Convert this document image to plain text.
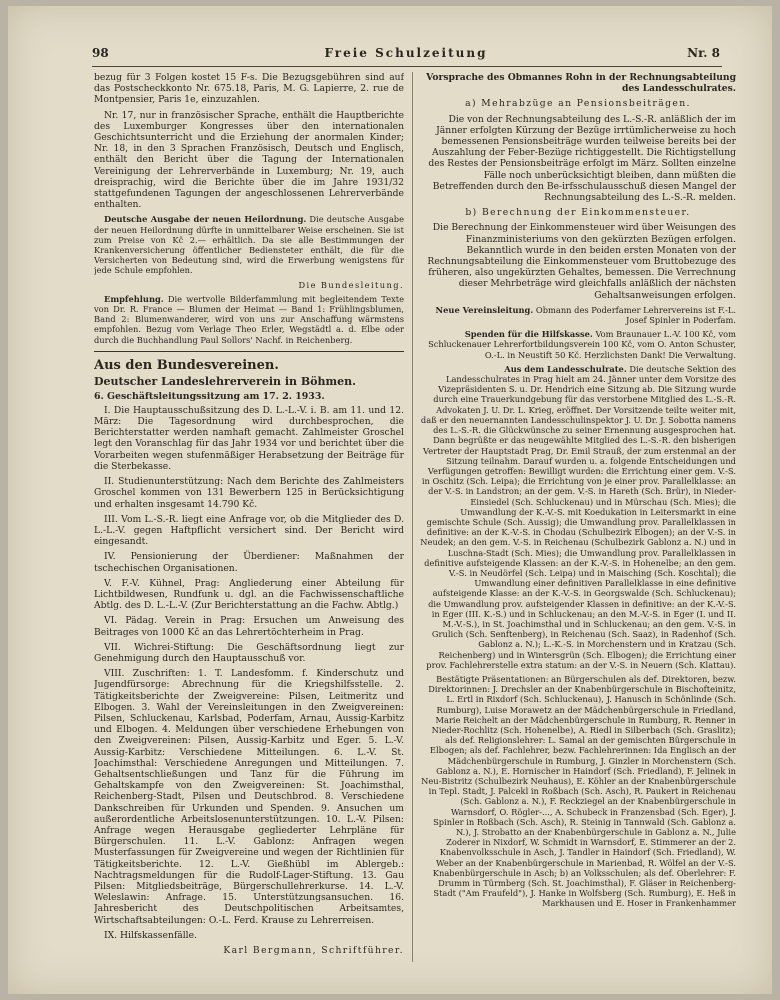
98	Freie Schulzeitung	Nr. 8

bezug für 3 Folgen kostet 15 F-s. Die Bezugsgebühren sind auf das Postscheckkonto Nr. 675.18, Paris, M. G. Lapierre, 2. rue de Montpensier, Paris 1e, einzuzahlen.

Nr. 17, nur in französischer Sprache, enthält die Hauptberichte des Luxemburger Kongresses über den internationalen Geschichtsunterricht und die Erziehung der anormalen Kinder; Nr. 18, in den 3 Sprachen Französisch, Deutsch und Englisch, enthält den Bericht über die Tagung der Internationalen Vereinigung der Lehrerverbände in Luxemburg; Nr. 19, auch dreisprachig, wird die Berichte über die im Jahre 1931/32 stattgefundenen Tagungen der angeschlossenen Lehrerverbände enthalten.

Deutsche Ausgabe der neuen Heilordnung. Die deutsche Ausgabe der neuen Heilordnung dürfte in unmittelbarer Weise erscheinen. Sie ist zum Preise von Kč 2.— erhältlich. Da sie alle Bestimmungen der Krankenversicherung öffentlicher Bediensteter enthält, die für die Versicherten von Bedeutung sind, wird die Erwerbung wenigstens für jede Schule empfohlen.

Die Bundesleitung.

Empfehlung. Die wertvolle Bilderfammlung mit begleitendem Texte von Dr. R. France — Blumen der Heimat — Band 1: Frühlingsblumen, Band 2: Blumenwanderer, wird von uns zur Anschaffung wärmstens empfohlen. Bezug vom Verlage Theo Erler, Wegstädtl a. d. Elbe oder durch die Buchhandlung Paul Sollors' Nachf. in Reichenberg.

Aus den Bundesvereinen.
Deutscher Landeslehrerverein in Böhmen.
6. Geschäftsleitungssitzung am 17. 2. 1933.

I. Die Hauptausschußsitzung des D. L.-L.-V. i. B. am 11. und 12. März: Die Tagesordnung wird durchbesprochen, die Berichterstatter werden namhaft gemacht. Zahlmeister Groschel legt den Voranschlag für das Jahr 1934 vor und berichtet über die Vorarbeiten wegen stufenmäßiger Herabsetzung der Beiträge für die Sterbekasse.

II. Studienunterstützung: Nach dem Berichte des Zahlmeisters Groschel kommen von 131 Bewerbern 125 in Berücksichtigung und erhalten insgesamt 14.790 Kč.

III. Vom L.-S.-R. liegt eine Anfrage vor, ob die Mitglieder des D. L.-L.-V. gegen Haftpflicht versichert sind. Der Bericht wird eingesandt.

IV. Pensionierung der Überdiener: Maßnahmen der tschechischen Organisationen.

V. F.-V. Kühnel, Prag: Angliederung einer Abteilung für Lichtbildwesen, Rundfunk u. dgl. an die Fachwissenschaftliche Abtlg. des D. L.-L.-V. (Zur Berichterstattung an die Fachw. Abtlg.)

VI. Pädag. Verein in Prag: Ersuchen um Anweisung des Beitrages von 1000 Kč an das Lehrertöchterheim in Prag.

VII. Wichrei-Stiftung: Die Geschäftsordnung liegt zur Genehmigung durch den Hauptausschuß vor.

VIII. Zuschriften: 1. T. Landesfomm. f. Kinderschutz und Jugendfürsorge: Abrechnung für die Kriegshilfsstelle. 2. Tätigkeitsberichte der Zweigvereine: Pilsen, Leitmeritz und Elbogen. 3. Wahl der Vereinsleitungen in den Zweigvereinen: Pilsen, Schluckenau, Karlsbad, Poderfam, Arnau, Aussig-Karbitz und Elbogen. 4. Meldungen über verschiedene Erhebungen von den Zweigvereinen: Pilsen, Aussig-Karbitz und Eger. 5. L.-V. Aussig-Karbitz: Verschiedene Mitteilungen. 6. L.-V. St. Joachimsthal: Verschiedene Anregungen und Mitteilungen. 7. Gehaltsentschließungen und Tanz für die Führung im Gehaltskampfe von den Zweigvereinen: St. Joachimsthal, Reichenberg-Stadt, Pilsen und Deutschbrod. 8. Verschiedene Dankschreiben für Urkunden und Spenden. 9. Ansuchen um außerordentliche Arbeitslosenunterstützungen. 10. L.-V. Pilsen: Anfrage wegen Herausgabe gegliederter Lehrpläne für Bürgerschulen. 11. L.-V. Gablonz: Anfragen wegen Musterfassungen für Zweigvereine und wegen der Richtlinien für Tätigkeitsberichte. 12. L.-V. Gießhübl im Ablergeb.: Nachtragsmeldungen für die Rudolf-Lager-Stiftung. 13. Gau Pilsen: Mitgliedsbeiträge, Bürgerschullehrerkurse. 14. L.-V. Weleslawin: Anfrage. 15. Unterstützungsansuchen. 16. Jahresbericht des Deutschpolitischen Arbeitsamtes, Wirtschaftsabteilungen: O.-L. Ferd. Krause zu Lehrerreisen.

IX. Hilfskassenfälle.

Karl Bergmann, Schriftführer.

Vorsprache des Obmannes Rohn in der Rechnungsabteilung des Landesschulrates.

a) Mehrabzüge an Pensionsbeiträgen.

Die von der Rechnungsabteilung des L.-S.-R. anläßlich der im Jänner erfolgten Kürzung der Bezüge irrtümlicherweise zu hoch bemessenen Pensionsbeiträge wurden teilweise bereits bei der Auszahlung der Feber-Bezüge richtiggestellt. Die Richtigstellung des Restes der Pensionsbeiträge erfolgt im März. Sollten einzelne Fälle noch unberücksichtigt bleiben, dann müßten die Betreffenden durch den Be-irfsschulausschuß diesen Mangel der Rechnungsabteilung des L.-S.-R. melden.

b) Berechnung der Einkommensteuer.

Die Berechnung der Einkommensteuer wird über Weisungen des Finanzministeriums von den gekürzten Bezügen erfolgen. Bekanntlich wurde in den beiden ersten Monaten von der Rechnungsabteilung die Einkommensteuer vom Bruttobezuge des früheren, also ungekürzten Gehaltes, bemessen. Die Verrechnung dieser Mehrbeträge wird gleichfalls anläßlich der nächsten Gehaltsanweisungen erfolgen.

Neue Vereinsleitung. Obmann des Poderfamer Lehrervereins ist F.-L. Josef Spinler in Poderfam.

Spenden für die Hilfskasse. Vom Braunauer L.-V. 100 Kč, vom Schluckenauer Lehrerfortbildungsverein 100 Kč, vom O. Anton Schuster, O.-L. in Neustift 50 Kč. Herzlichsten Dank! Die Verwaltung.

Aus dem Landesschulrate. Die deutsche Sektion des Landesschulrates in Prag hielt am 24. Jänner unter dem Vorsitze des Vizepräsidenten S. u. Dr. Hendrich eine Sitzung ab. Die Sitzung wurde durch eine Trauerkundgebung für das verstorbene Mitglied des L.-S.-R. Advokaten J. U. Dr. L. Krieg, eröffnet. Der Vorsitzende teilte weiter mit, daß er den neuernannten Landesschulinspektor J. U. Dr. J. Sobotta namens des L.-S.-R. die Glückwünsche zu seiner Ernennung ausgesprochen hat. Dann begrüßte er das neugewählte Mitglied des L.-S.-R. den bisherigen Vertreter der Hauptstadt Prag, Dr. Emil Strauß, der zum erstenmal an der Sitzung teilnahm. Darauf wurden u. a. folgende Entscheidungen und Verfügungen getroffen: Bewilligt wurden: die Errichtung einer gem. V.-S. in Oschitz (Sch. Leipa); die Errichtung von je einer prov. Parallelklasse: an der V.-S. in Landstron; an der gem. V.-S. in Hareth (Sch. Brür), in Nieder-Einsiedel (Sch. Schluckenau) und in Mürschau (Sch. Mies); die Umwandlung der K.-V.-S. mit Koedukation in Leitersmarkt in eine gemischte Schule (Sch. Aussig); die Umwandlung prov. Parallelklassen in definitive: an der K.-V.-S. in Chodau (Schulbezirk Elbogen); an der V.-S. in Neudek; an den gem. V.-S. in Reichenau (Schulbezirk Gablonz a. N.) und in Luschna-Stadt (Sch. Mies); die Umwandlung prov. Parallelklassen in definitive aufsteigende Klassen: an der K.-V.-S. in Hohenelbe; an den gem. V.-S. in Neudörfel (Sch. Leipa) und in Maisching (Sch. Koschtal); die Umwandlung einer definitiven Parallelklasse in eine definitive aufsteigende Klasse: an der K.-V.-S. in Georgswalde (Sch. Schluckenau); die Umwandlung prov. aufsteigender Klassen in definitive: an der K.-V.-S. in Eger (III. K.-S.) und in Schluckenau; an den M.-V.-S. in Eger (I. und II. M.-V.-S.), in St. Joachimsthal und in Schluckenau; an den gem. V.-S. in Grulich (Sch. Senftenberg), in Reichenau (Sch. Saaz), in Radenhof (Sch. Gablonz a. N.); L.-K.-S. in Morchenstern und in Kratzau (Sch. Reichenberg) und in Wintersgrün (Sch. Elbogen); die Errichtung einer prov. Fachlehrerstelle extra statum: an der V.-S. in Neuern (Sch. Klattau).

Bestätigte Präsentationen: an Bürgerschulen als def. Direktoren, bezw. Direktorinnen: J. Drechsler an der Knabenbürgerschule in Bischofteinitz, L. Ertl in Rixdorf (Sch. Schluckenau), J. Hanusch in Schönlinde (Sch. Rumburg), Luise Morawetz an der Mädchenbürgerschule in Friedland, Marie Reichelt an der Mädchenbürgerschule in Rumburg, R. Renner in Nieder-Rochlitz (Sch. Hohenelbe), A. Riedl in Silberbach (Sch. Graslitz); als def. Religionslehrer: L. Samal an der gemischten Bürgerschule in Elbogen; als def. Fachlehrer, bezw. Fachlehrerinnen: Ida Englisch an der Mädchenbürgerschule in Rumburg, J. Ginzler in Morchenstern (Sch. Gablonz a. N.), E. Hornischer in Haindorf (Sch. Friedland), F. Jelinek in Neu-Bistritz (Schulbezirk Neuhaus), E. Köhler an der Knabenbürgerschule in Tepl. Stadt, J. Palcekl in Roßbach (Sch. Asch), R. Paukert in Reichenau (Sch. Gablonz a. N.), F. Reckziegel an der Knabenbürgerschule in Warnsdorf, O. Rögler-..., A. Schubeck in Franzensbad (Sch. Eger), J. Spinler in Roßbach (Sch. Asch), R. Steinig in Tannwald (Sch. Gablonz a. N.), J. Strobatto an der Knabenbürgerschule in Gablonz a. N., Julie Zoderer in Nixdorf, W. Schmidt in Warnsdorf, E. Stimmerer an der 2. Knabenvolksschule in Asch, J. Tandler in Haindorf (Sch. Friedland), W. Weber an der Knabenbürgerschule in Marienbad, R. Wölfel an der V.-S. Knabenbürgerschule in Asch; b) an Volksschulen; als def. Oberlehrer: F. Drumm in Türmberg (Sch. St. Joachimsthal), F. Gläser in Reichenberg-Stadt ("Am Fraufeld"), J. Hanke in Wolfsberg (Sch. Rumburg), E. Heß in Markhausen und E. Hoser in Frankenhammer
